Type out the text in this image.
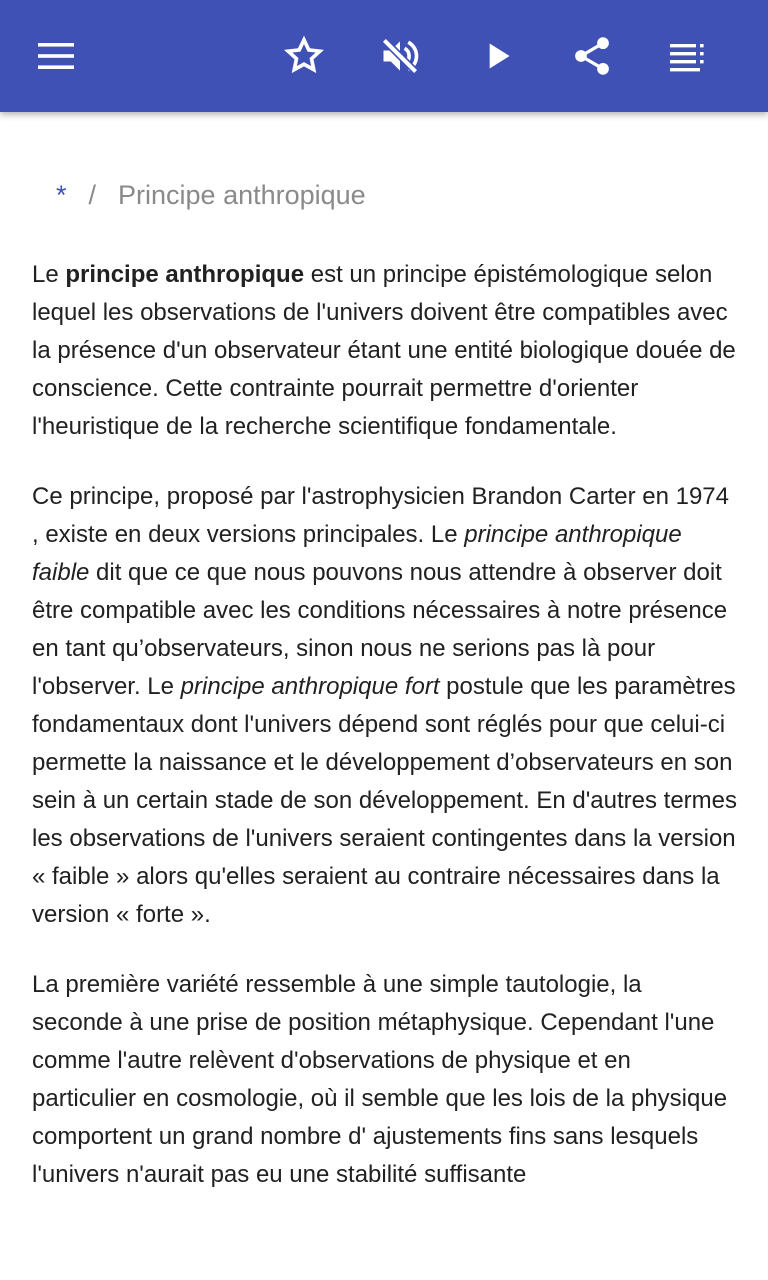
* / Principe anthropique

Le principe anthropique est un principe épistémologique selon lequel les observations de l'univers doivent être compatibles avec la présence d'un observateur étant une entité biologique douée de conscience. Cette contrainte pourrait permettre d'orienter l'heuristique de la recherche scientifique fondamentale.

Ce principe, proposé par l'astrophysicien Brandon Carter en 1974 , existe en deux versions principales. Le principe anthropique faible dit que ce que nous pouvons nous attendre à observer doit être compatible avec les conditions nécessaires à notre présence en tant qu’observateurs, sinon nous ne serions pas là pour l'observer. Le principe anthropique fort postule que les paramètres fondamentaux dont l'univers dépend sont réglés pour que celui-ci permette la naissance et le développement d’observateurs en son sein à un certain stade de son développement. En d'autres termes les observations de l'univers seraient contingentes dans la version « faible » alors qu'elles seraient au contraire nécessaires dans la version « forte ».

La première variété ressemble à une simple tautologie, la seconde à une prise de position métaphysique. Cependant l'une comme l'autre relèvent d'observations de physique et en particulier en cosmologie, où il semble que les lois de la physique comportent un grand nombre d' ajustements fins sans lesquels l'univers n'aurait pas eu une stabilité suffisante
